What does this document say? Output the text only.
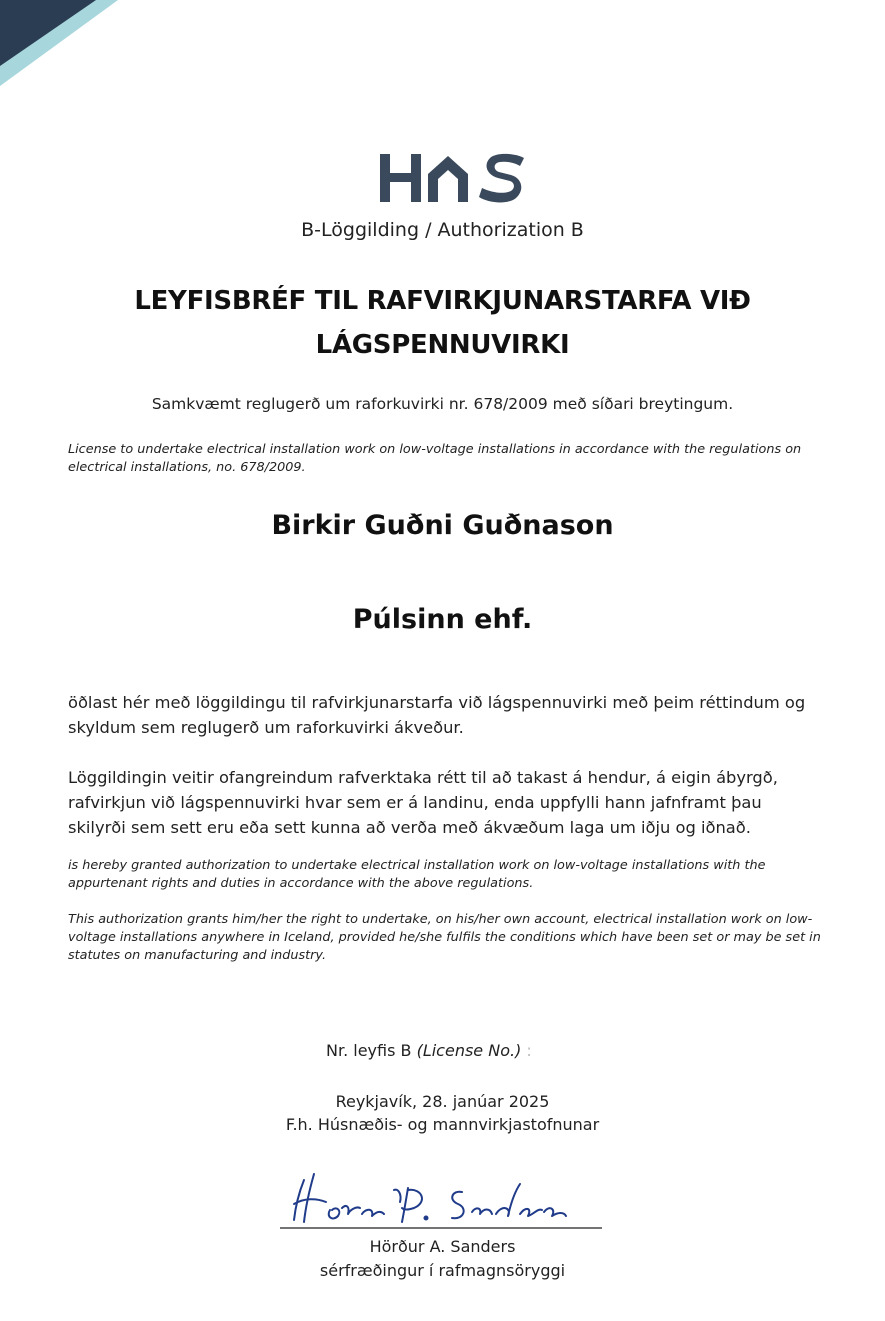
B-Löggilding / Authorization B
LEYFISBRÉF TIL RAFVIRKJUNARSTARFA VIÐ
LÁGSPENNUVIRKI
Samkvæmt reglugerð um raforkuvirki nr. 678/2009 með síðari breytingum.
License to undertake electrical installation work on low-voltage installations in accordance with the regulations on electrical installations, no. 678/2009.
Birkir Guðni Guðnason
Púlsinn ehf.
öðlast hér með löggildingu til rafvirkjunarstarfa við lágspennuvirki með þeim réttindum og skyldum sem reglugerð um raforkuvirki ákveður.
Löggildingin veitir ofangreindum rafverktaka rétt til að takast á hendur, á eigin ábyrgð, rafvirkjun við lágspennuvirki hvar sem er á landinu, enda uppfylli hann jafnframt þau skilyrði sem sett eru eða sett kunna að verða með ákvæðum laga um iðju og iðnað.
is hereby granted authorization to undertake electrical installation work on low-voltage installations with the appurtenant rights and duties in accordance with the above regulations.
This authorization grants him/her the right to undertake, on his/her own account, electrical installation work on low-voltage installations anywhere in Iceland, provided he/she fulfils the conditions which have been set or may be set in statutes on manufacturing and industry.
Nr. leyfis B (License No.) :
Reykjavík, 28. janúar 2025
F.h. Húsnæðis- og mannvirkjastofnunar
Hörður A. Sanders
sérfræðingur í rafmagnsöryggi
